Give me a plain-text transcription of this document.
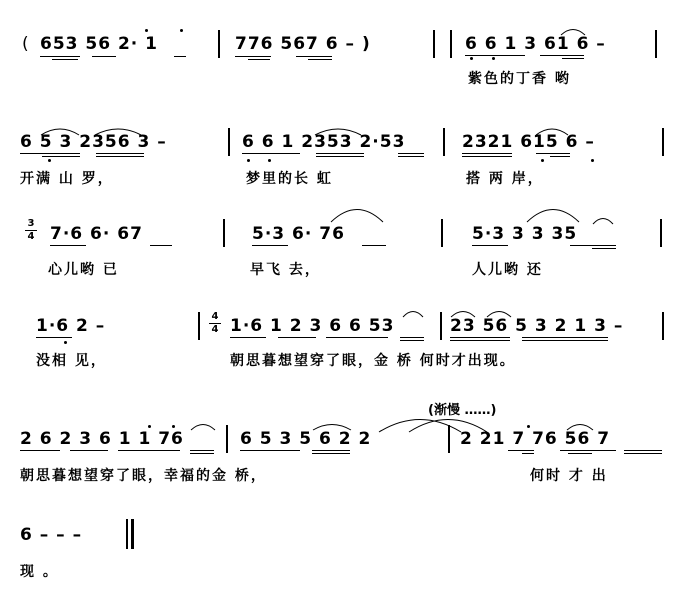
( 653 56 2· 1	776 567 6 – )	6 6 1 3 61 6 –
紫色的丁香 哟
6 5 3 2356 3 –	6 6 1 2353 2·53	2321 615 6 –
开满 山 罗，	梦里的长 虹	搭 两 岸，
3
4 7·6 6· 67	5·3 6· 76	5·3 3 3 35
心儿哟 已	早飞 去，	人儿哟 还
1·6 2 –	4
4 1·6 1 2 3 6 6 53	23 56 5 3 2 1 3 –
没相 见，	朝思暮想望穿了眼，金 桥 何时才出现。
(渐慢 ……)
2 6 2 3 6 1 1 76	6 5 3 5 6 2 2	2 21 7 76 56 7
朝思暮想望穿了眼，幸福的金 桥，	何时 才 出
6 – – –
现 。
